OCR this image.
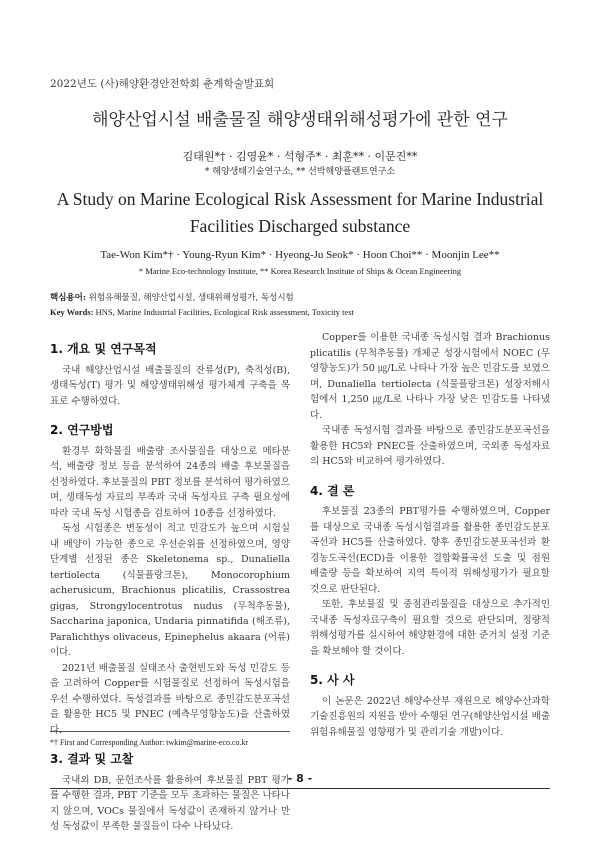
2022년도 (사)해양환경안전학회 춘계학술발표회
해양산업시설 배출물질 해양생태위해성평가에 관한 연구
김태원*† · 김영윤* · 석형주* · 최훈** · 이문진**
* 해양생태기술연구소, ** 선박해양플랜트연구소
A Study on Marine Ecological Risk Assessment for Marine Industrial Facilities Discharged substance
Tae-Won Kim*† · Young-Ryun Kim* · Hyeong-Ju Seok* · Hoon Choi** · Moonjin Lee**
* Marine Eco-technology Institute, ** Korea Research Institute of Ships & Ocean Engineering
핵심용어: 위험유해물질, 해양산업시설, 생태위해성평가, 독성시험
Key Words: HNS, Marine Industrial Facilities, Ecological Risk assessment, Toxicity test
1. 개요 및 연구목적

국내 해양산업시설 배출물질의 잔류성(P), 축적성(B), 생태독성(T) 평가 및 해양생태위해성 평가체계 구축을 목표로 수행하였다.

2. 연구방법

환경부 화학물질 배출량 조사물질을 대상으로 메타분석, 배출량 정보 등을 분석하여 24종의 배출 후보물질을 선정하였다. 후보물질의 PBT 정보를 분석하여 평가하였으며, 생태독성 자료의 부족과 국내 독성자료 구축 필요성에 따라 국내 독성 시험종을 검토하여 10종을 선정하였다.

독성 시험종은 변동성이 적고 민감도가 높으며 시험실 내 배양이 가능한 종으로 우선순위를 선정하였으며, 영양단계별 선정된 종은 Skeletonema sp., Dunaliella tertiolecta (식물플랑크톤), Monocorophium acherusicum, Brachionus plicatilis, Crassostrea gigas, Strongylocentrotus nudus (무척추동물), Saccharina japonica, Undaria pinnatifida (해조류), Paralichthys olivaceus, Epinephelus akaara (어류)이다.

2021년 배출물질 실태조사 출현빈도와 독성 민감도 등을 고려하여 Copper를 시험물질로 선정하여 독성시험을 우선 수행하였다. 독성결과를 바탕으로 종민감도분포곡선을 활용한 HC5 및 PNEC (예측무영향농도)을 산출하였다.

3. 결과 및 고찰

국내외 DB, 문헌조사를 활용하여 후보물질 PBT 평가를 수행한 결과, PBT 기준을 모두 초과하는 물질은 나타나지 않으며, VOCs 물질에서 독성값이 존재하지 않거나 만성 독성값이 부족한 물질들이 다수 나타났다.

Copper를 이용한 국내종 독성시험 결과 Brachionus plicatilis (무척추동물) 개체군 성장시험에서 NOEC (무영향농도)가 50 ㎍/L로 나타나 가장 높은 민감도를 보였으며, Dunaliella tertiolecta (식물플랑크톤) 성장저해시험에서 1,250 ㎍/L로 나타나 가장 낮은 민감도를 나타냈다.

국내종 독성시험 결과를 바탕으로 종민감도분포곡선을 활용한 HC5와 PNEC를 산출하였으며, 국외종 독성자료의 HC5와 비교하여 평가하였다.

4. 결 론

후보물질 23종의 PBT평가를 수행하였으며, Copper를 대상으로 국내종 독성시험결과를 활용한 종민감도분포곡선과 HC5를 산출하였다. 향후 종민감도분포곡선과 환경농도곡선(ECD)을 이용한 결합확률곡선 도출 및 점원 배출량 등을 확보하여 지역 특이적 위해성평가가 필요할 것으로 판단된다.

또한, 후보물질 및 중점관리물질을 대상으로 추가적인 국내종 독성자료구축이 필요할 것으로 판단되며, 정량적 위해성평가를 실시하여 해양환경에 대한 준거치 설정 기준을 확보해야 할 것이다.

5. 사 사

이 논문은 2022년 해양수산부 재원으로 해양수산과학기술진흥원의 지원을 받아 수행된 연구(해양산업시설 배출 위험유해물질 영향평가 및 관리기술 개발)이다.

*† First and Corresponding Author: twkim@marine-eco.co.kr
- 8 -
